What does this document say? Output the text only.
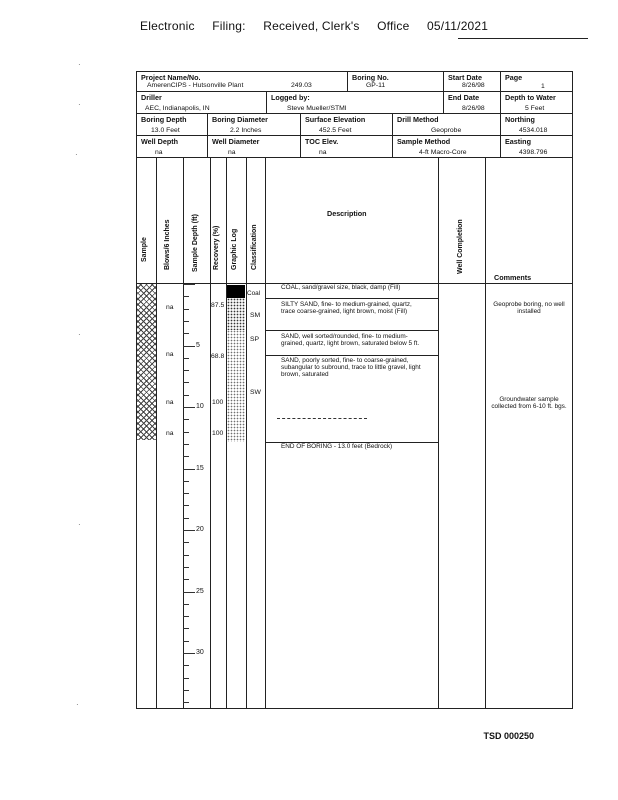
Electronic Filing: Received, Clerk's Office 05/11/2021
·
·
·
·
·
·
Project Name/No.
AmerenCIPS - Hutsonville Plant	249.03
Boring No.
GP-11
Start Date
8/26/98
Page
1
Driller
AEC, Indianapolis, IN
Logged by:
Steve Mueller/STMI
End Date
8/26/98
Depth to Water
5 Feet
Boring Depth
13.0 Feet
Boring Diameter
2.2 Inches
Surface Elevation
452.5 Feet
Drill Method
Geoprobe
Northing
4534.018
Well Depth
na
Well Diameter
na
TOC Elev.
na
Sample Method
4-ft Macro-Core
Easting
4398.796
Sample Blows/6 Inches	Sample Depth (ft) Recovery (%) Graphic Log Classification
Description
Well Completion
Comments
na
na
na
na
5
10
15
20
25
30
87.5
68.8
100
100
Coal
SM
SP
SW
COAL, sand/gravel size, black, damp (Fill)
SILTY SAND, fine- to medium-grained, quartz, trace coarse-grained, light brown, moist (Fill)
SAND, well sorted/rounded, fine- to medium-grained, quartz, light brown, saturated below 5 ft.
SAND, poorly sorted, fine- to coarse-grained, subangular to subround, trace to little gravel, light brown, saturated
END OF BORING - 13.0 feet (Bedrock)
Geoprobe boring, no well installed
Groundwater sample collected from 6-10 ft. bgs.
TSD 000250
